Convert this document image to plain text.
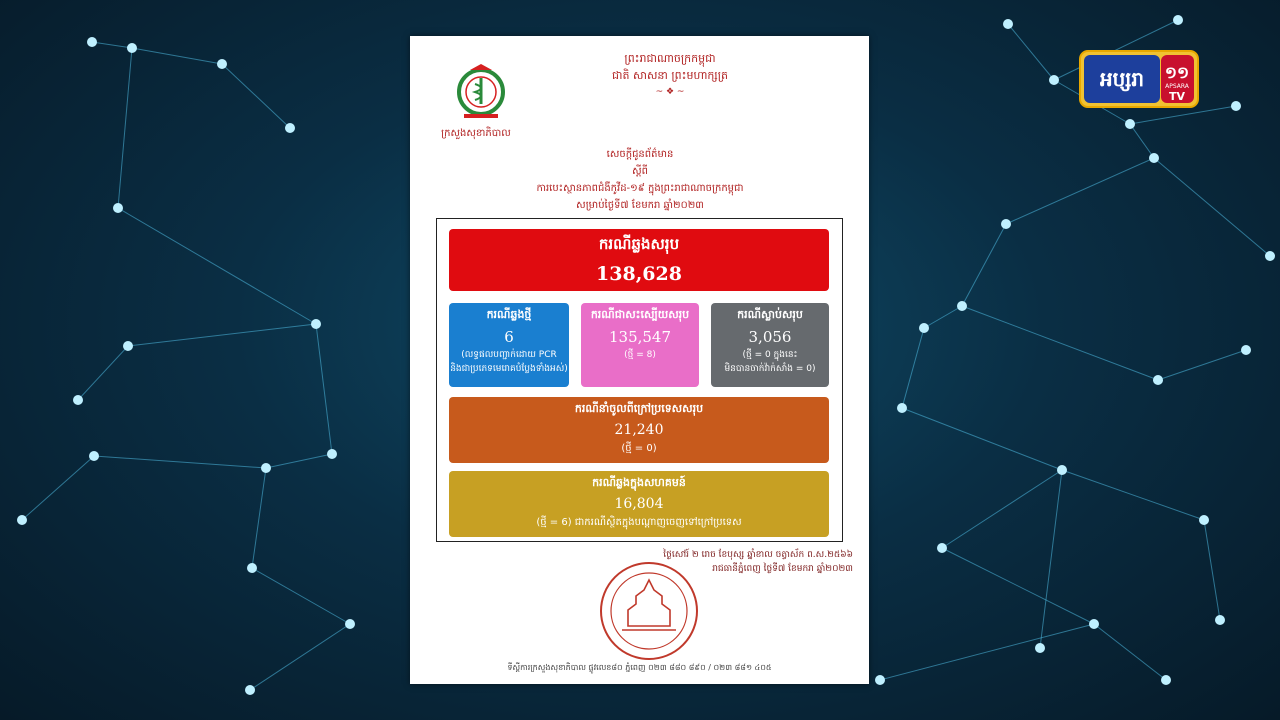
ក្រសួងសុខាភិបាល
ព្រះរាជាណាចក្រកម្ពុជា
ជាតិ សាសនា ព្រះមហាក្សត្រ
~ ❖ ~
សេចក្តីជូនព័ត៌មាន
ស្តីពី
ការបេះស្ថានភាពជំងឺកូវីដ-១៩ ក្នុងព្រះរាជាណាចក្រកម្ពុជា
សម្រាប់ថ្ងៃទី៧ ខែមករា ឆ្នាំ២០២៣
ករណីឆ្លងសរុប
138,628
ករណីឆ្លងថ្មី
6
(លទ្ធផលបញ្ជាក់ដោយ PCR
និងជាប្រភេទមេរោគបំប្លែងទាំងអស់)
ករណីជាសះស្បើយសរុប
135,547
(ថ្មី = 8)
ករណីស្លាប់សរុប
3,056
(ថ្មី = 0 ក្នុងនេះ
មិនបានចាក់វ៉ាក់សាំង = 0)
ករណីនាំចូលពីក្រៅប្រទេសសរុប
21,240
(ថ្មី = 0)
ករណីឆ្លងក្នុងសហគមន៍
16,804
(ថ្មី = 6) ជាករណីស្ថិតក្នុងបណ្តាញចេញទៅក្រៅប្រទេស
ថ្ងៃសៅរ៍ ២ រោច ខែបុស្ស ឆ្នាំខាល ចត្វាស័ក ព.ស.២៥៦៦
រាជធានីភ្នំពេញ ថ្ងៃទី៧ ខែមករា ឆ្នាំ២០២៣
ទីស្តីការក្រសួងសុខាភិបាល ផ្លូវលេខ៨០ ភ្នំពេញ ០២៣ ៨៨០ ៨៩០ / ០២៣ ៨៨១ ៤០៥
អប្សរា ១១
APSARA
TV
